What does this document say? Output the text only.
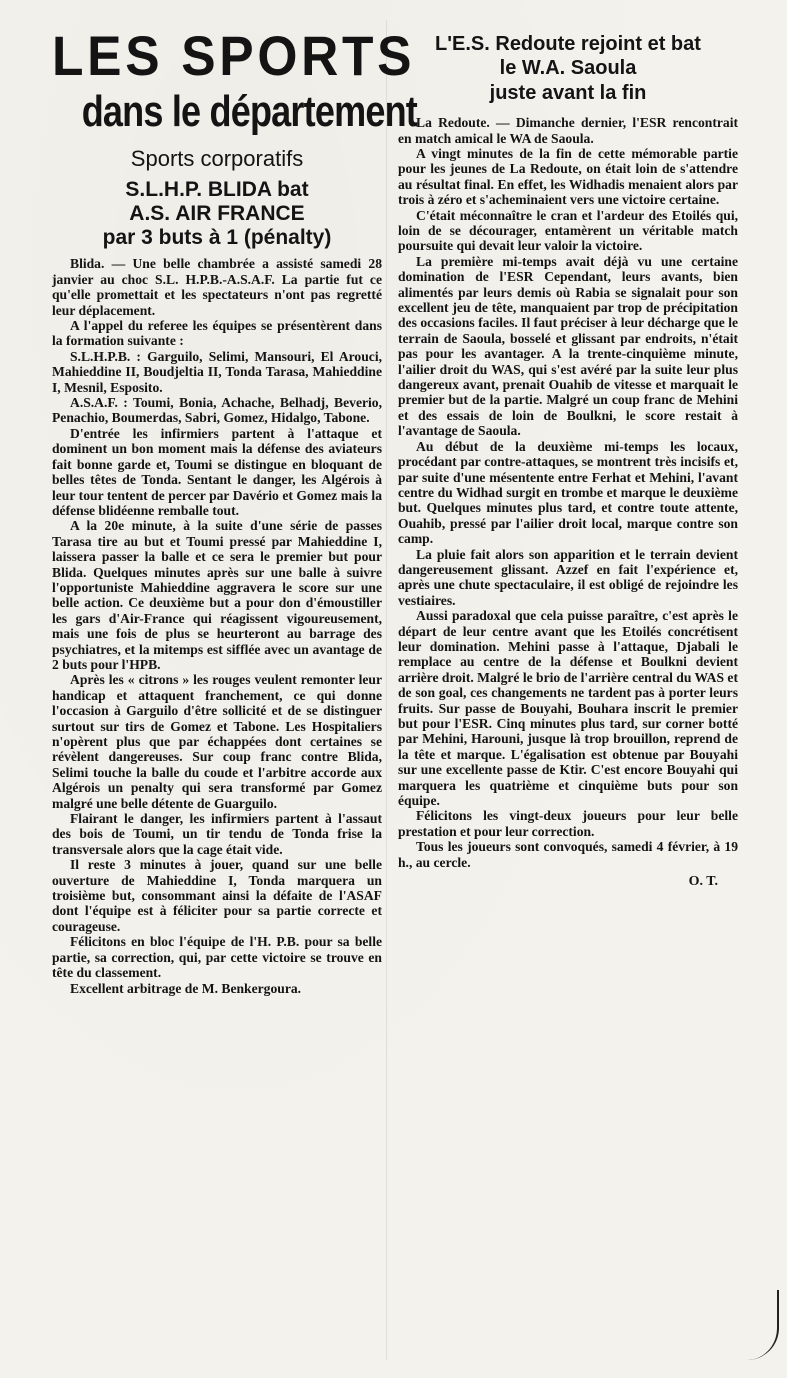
LES SPORTS
dans le département
Sports corporatifs
S.L.H.P. BLIDA bat
A.S. AIR FRANCE
par 3 buts à 1 (pénalty)

Blida. — Une belle chambrée a assisté samedi 28 janvier au choc S.L. H.P.B.-A.S.A.F. La partie fut ce qu'elle promettait et les spectateurs n'ont pas regretté leur déplacement.

A l'appel du referee les équipes se présentèrent dans la formation suivante :

S.L.H.P.B. : Garguilo, Selimi, Mansouri, El Arouci, Mahieddine II, Boudjeltia II, Tonda Tarasa, Mahieddine I, Mesnil, Esposito.

A.S.A.F. : Toumi, Bonia, Achache, Belhadj, Beverio, Penachio, Boumerdas, Sabri, Gomez, Hidalgo, Tabone.

D'entrée les infirmiers partent à l'attaque et dominent un bon moment mais la défense des aviateurs fait bonne garde et, Toumi se distingue en bloquant de belles têtes de Tonda. Sentant le danger, les Algérois à leur tour tentent de percer par Davério et Gomez mais la défense blidéenne remballe tout.

A la 20e minute, à la suite d'une série de passes Tarasa tire au but et Toumi pressé par Mahieddine I, laissera passer la balle et ce sera le premier but pour Blida. Quelques minutes après sur une balle à suivre l'opportuniste Mahieddine aggravera le score sur une belle action. Ce deuxième but a pour don d'émoustiller les gars d'Air-France qui réagissent vigoureusement, mais une fois de plus se heurteront au barrage des psychiatres, et la mitemps est sifflée avec un avantage de 2 buts pour l'HPB.

Après les « citrons » les rouges veulent remonter leur handicap et attaquent franchement, ce qui donne l'occasion à Garguilo d'être sollicité et de se distinguer surtout sur tirs de Gomez et Tabone. Les Hospitaliers n'opèrent plus que par échappées dont certaines se révèlent dangereuses. Sur coup franc contre Blida, Selimi touche la balle du coude et l'arbitre accorde aux Algérois un penalty qui sera transformé par Gomez malgré une belle détente de Guarguilo.

Flairant le danger, les infirmiers partent à l'assaut des bois de Toumi, un tir tendu de Tonda frise la transversale alors que la cage était vide.

Il reste 3 minutes à jouer, quand sur une belle ouverture de Mahieddine I, Tonda marquera un troisième but, consommant ainsi la défaite de l'ASAF dont l'équipe est à féliciter pour sa partie correcte et courageuse.

Félicitons en bloc l'équipe de l'H. P.B. pour sa belle partie, sa correction, qui, par cette victoire se trouve en tête du classement.

Excellent arbitrage de M. Benkergoura.

L'E.S. Redoute rejoint et bat
le W.A. Saoula
juste avant la fin

La Redoute. — Dimanche dernier, l'ESR rencontrait en match amical le WA de Saoula.

A vingt minutes de la fin de cette mémorable partie pour les jeunes de La Redoute, on était loin de s'attendre au résultat final. En effet, les Widhadis menaient alors par trois à zéro et s'acheminaient vers une victoire certaine.

C'était méconnaître le cran et l'ardeur des Etoilés qui, loin de se décourager, entamèrent un véritable match poursuite qui devait leur valoir la victoire.

La première mi-temps avait déjà vu une certaine domination de l'ESR Cependant, leurs avants, bien alimentés par leurs demis où Rabia se signalait pour son excellent jeu de tête, manquaient par trop de précipitation des occasions faciles. Il faut préciser à leur décharge que le terrain de Saoula, bosselé et glissant par endroits, n'était pas pour les avantager. A la trente-cinquième minute, l'ailier droit du WAS, qui s'est avéré par la suite leur plus dangereux avant, prenait Ouahib de vitesse et marquait le premier but de la partie. Malgré un coup franc de Mehini et des essais de loin de Boulkni, le score restait à l'avantage de Saoula.

Au début de la deuxième mi-temps les locaux, procédant par contre-attaques, se montrent très incisifs et, par suite d'une mésentente entre Ferhat et Mehini, l'avant centre du Widhad surgit en trombe et marque le deuxième but. Quelques minutes plus tard, et contre toute attente, Ouahib, pressé par l'ailier droit local, marque contre son camp.

La pluie fait alors son apparition et le terrain devient dangereusement glissant. Azzef en fait l'expérience et, après une chute spectaculaire, il est obligé de rejoindre les vestiaires.

Aussi paradoxal que cela puisse paraître, c'est après le départ de leur centre avant que les Etoilés concrétisent leur domination. Mehini passe à l'attaque, Djabali le remplace au centre de la défense et Boulkni devient arrière droit. Malgré le brio de l'arrière central du WAS et de son goal, ces changements ne tardent pas à porter leurs fruits. Sur passe de Bouyahi, Bouhara inscrit le premier but pour l'ESR. Cinq minutes plus tard, sur corner botté par Mehini, Harouni, jusque là trop brouillon, reprend de la tête et marque. L'égalisation est obtenue par Bouyahi sur une excellente passe de Ktir. C'est encore Bouyahi qui marquera les quatrième et cinquième buts pour son équipe.

Félicitons les vingt-deux joueurs pour leur belle prestation et pour leur correction.

Tous les joueurs sont convoqués, samedi 4 février, à 19 h., au cercle.

O. T.
